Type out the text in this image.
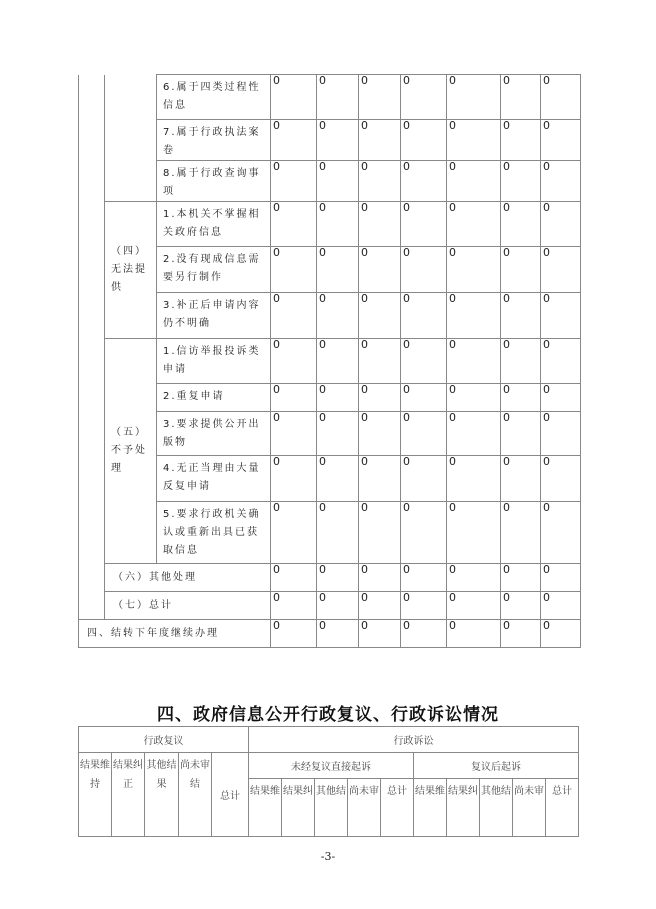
		6.属于四类过程性信息	0	0	0	0	0	0	0
		7.属于行政执法案卷	0	0	0	0	0	0	0
		8.属于行政查询事项	0	0	0	0	0	0	0
	（四）无法提供	1.本机关不掌握相关政府信息	0	0	0	0	0	0	0
		2.没有现成信息需要另行制作	0	0	0	0	0	0	0
		3.补正后申请内容仍不明确	0	0	0	0	0	0	0
	（五）不予处理	1.信访举报投诉类申请	0	0	0	0	0	0	0
		2.重复申请	0	0	0	0	0	0	0
		3.要求提供公开出版物	0	0	0	0	0	0	0
		4.无正当理由大量反复申请	0	0	0	0	0	0	0
		5.要求行政机关确认或重新出具已获取信息	0	0	0	0	0	0	0
	（六）其他处理		0	0	0	0	0	0	0
	（七）总计		0	0	0	0	0	0	0
四、结转下年度继续办理			0	0	0	0	0	0	0
四、政府信息公开行政复议、行政诉讼情况
行政复议					行政诉讼									
结果维持	结果纠正	其他结果	尚未审结	总计	未经复议直接起诉					复议后起诉				
					结果维	结果纠	其他结	尚未审	总计	结果维	结果纠	其他结	尚未审	总计
-3-
